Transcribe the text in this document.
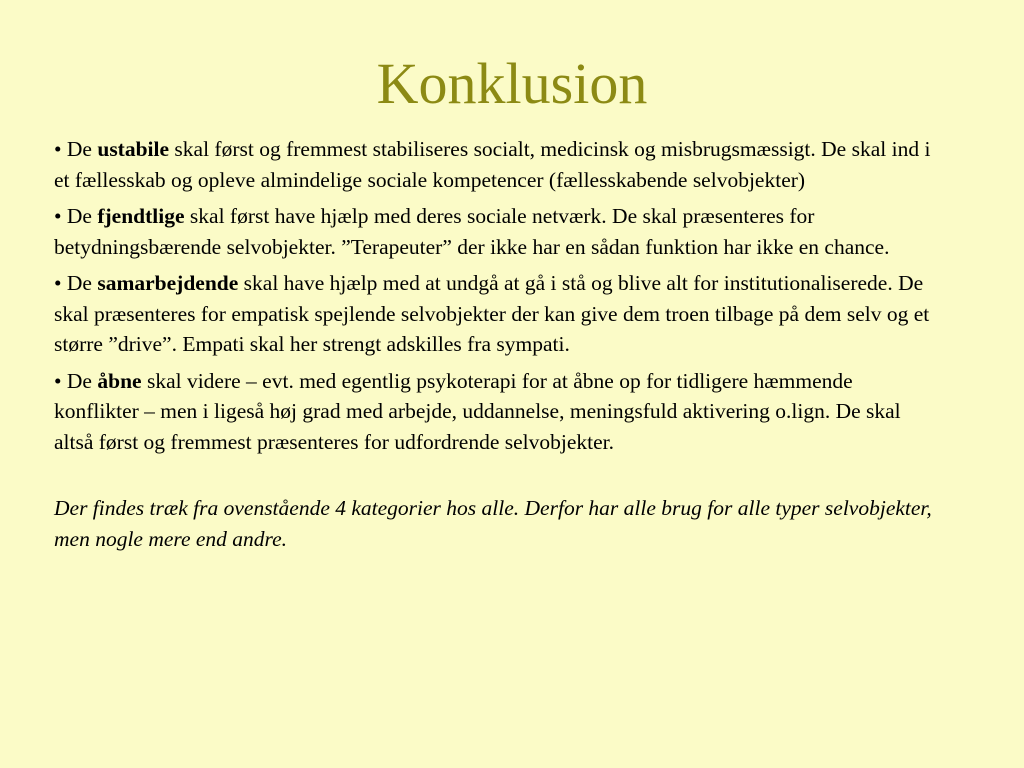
Konklusion

• De ustabile skal først og fremmest stabiliseres socialt, medicinsk og misbrugsmæssigt. De skal ind i et fællesskab og opleve almindelige sociale kompetencer (fællesskabende selvobjekter)

• De fjendtlige skal først have hjælp med deres sociale netværk. De skal præsenteres for betydningsbærende selvobjekter. ”Terapeuter” der ikke har en sådan funktion har ikke en chance.

• De samarbejdende skal have hjælp med at undgå at gå i stå og blive alt for institutionaliserede. De skal præsenteres for empatisk spejlende selvobjekter der kan give dem troen tilbage på dem selv og et større ”drive”. Empati skal her strengt adskilles fra sympati.

• De åbne skal videre – evt. med egentlig psykoterapi for at åbne op for tidligere hæmmende konflikter – men i ligeså høj grad med arbejde, uddannelse, meningsfuld aktivering o.lign. De skal altså først og fremmest præsenteres for udfordrende selvobjekter.

Der findes træk fra ovenstående 4 kategorier hos alle. Derfor har alle brug for alle typer selvobjekter, men nogle mere end andre.
